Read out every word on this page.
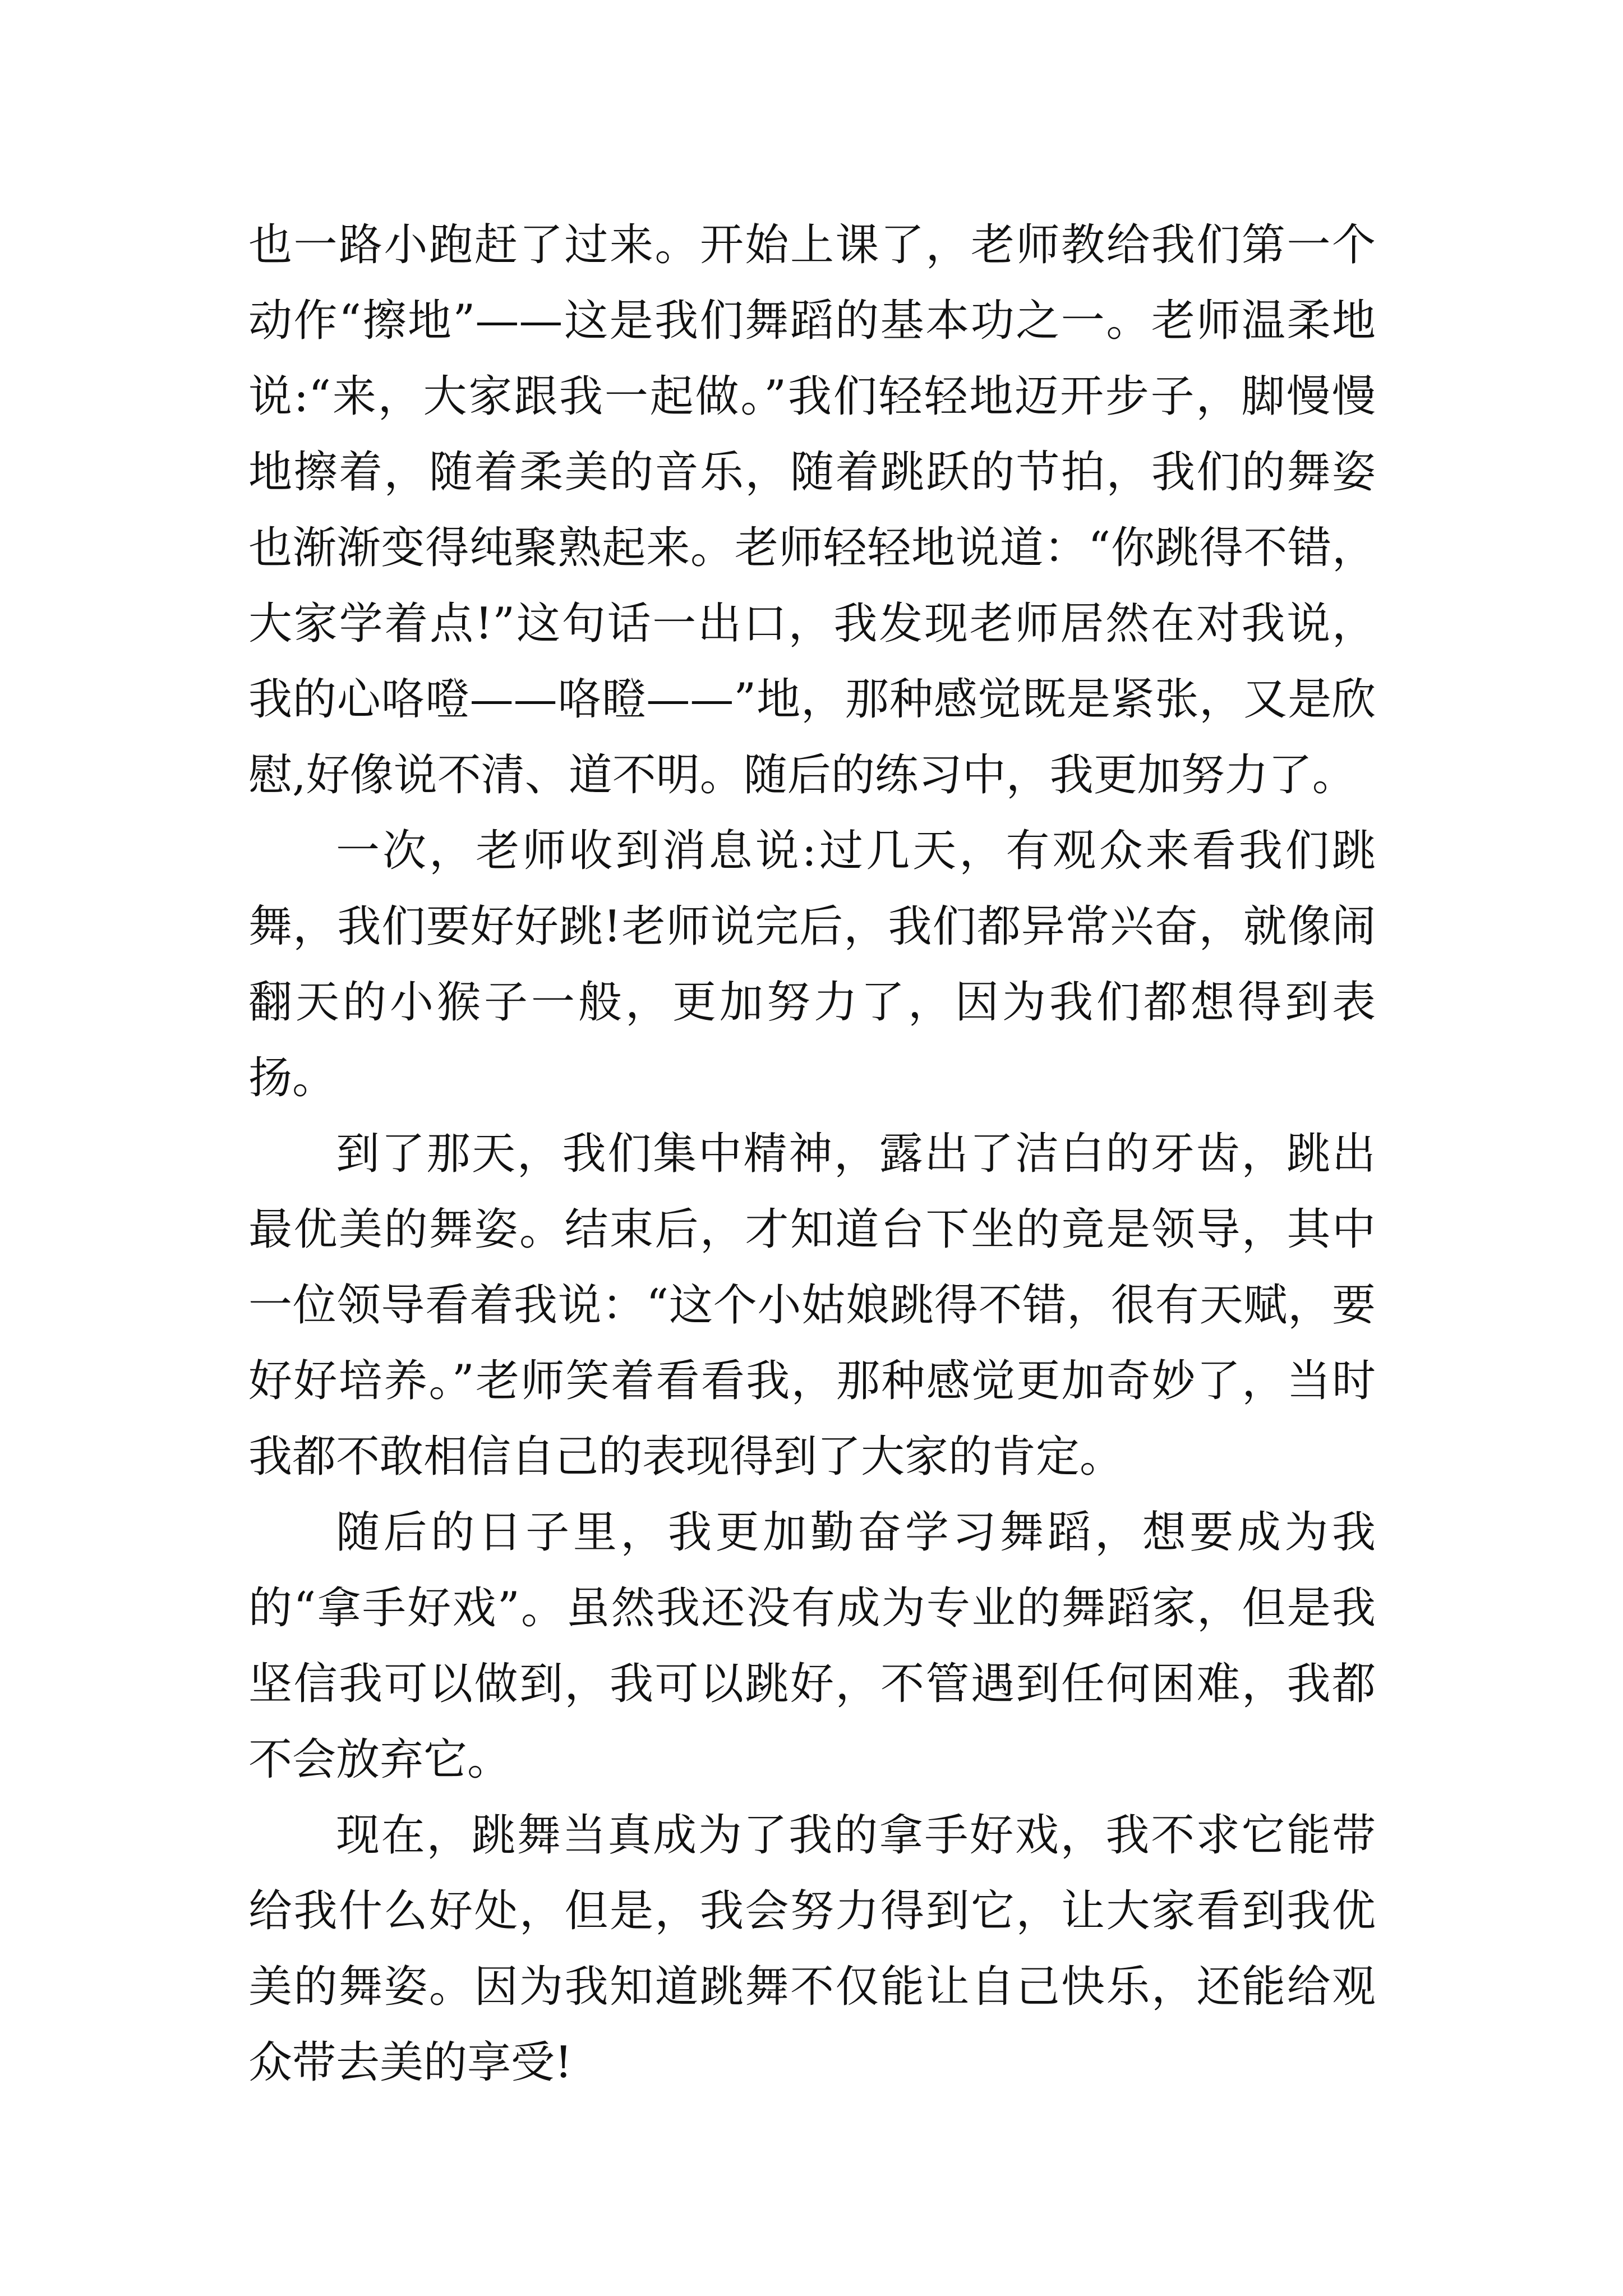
也一路小跑赶了过来。开始上课了，老师教给我们第一个动作“擦地”——这是我们舞蹈的基本功之一。老师温柔地说:“来，大家跟我一起做。”我们轻轻地迈开步子，脚慢慢地擦着，随着柔美的音乐，随着跳跃的节拍，我们的舞姿也渐渐变得纯聚熟起来。老师轻轻地说道：“你跳得不错，大家学着点!”这句话一出口，我发现老师居然在对我说，我的心咯噔——咯瞪——”地，那种感觉既是紧张，又是欣慰,好像说不清、道不明。随后的练习中，我更加努力了。

一次，老师收到消息说:过几天，有观众来看我们跳舞，我们要好好跳!老师说完后，我们都异常兴奋，就像闹翻天的小猴子一般，更加努力了，因为我们都想得到表扬。

到了那天，我们集中精神，露出了洁白的牙齿，跳出最优美的舞姿。结束后，才知道台下坐的竟是领导，其中一位领导看着我说：“这个小姑娘跳得不错，很有天赋，要好好培养。”老师笑着看看我，那种感觉更加奇妙了，当时我都不敢相信自己的表现得到了大家的肯定。

随后的日子里，我更加勤奋学习舞蹈，想要成为我的“拿手好戏”。虽然我还没有成为专业的舞蹈家，但是我坚信我可以做到，我可以跳好，不管遇到任何困难，我都不会放弃它。

现在，跳舞当真成为了我的拿手好戏，我不求它能带给我什么好处，但是，我会努力得到它，让大家看到我优美的舞姿。因为我知道跳舞不仅能让自己快乐，还能给观众带去美的享受!
